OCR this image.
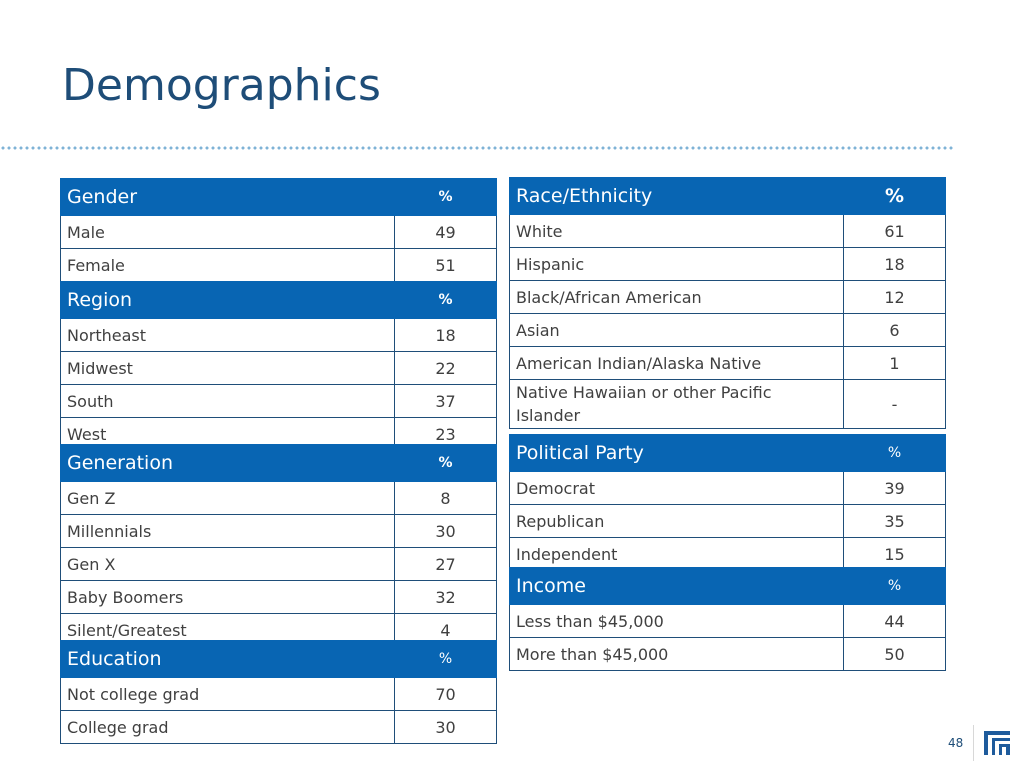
Demographics
Gender	%
Male	49
Female	51
Region	%
Northeast	18
Midwest	22
South	37
West	23
Generation	%
Gen Z	8
Millennials	30
Gen X	27
Baby Boomers	32
Silent/Greatest	4
Education	%
Not college grad	70
College grad	30
Race/Ethnicity	%
White	61
Hispanic	18
Black/African American	12
Asian	6
American Indian/Alaska Native	1
Native Hawaiian or other Pacific Islander	-
Political Party	%
Democrat	39
Republican	35
Independent	15
Income	%
Less than $45,000	44
More than $45,000	50
48
